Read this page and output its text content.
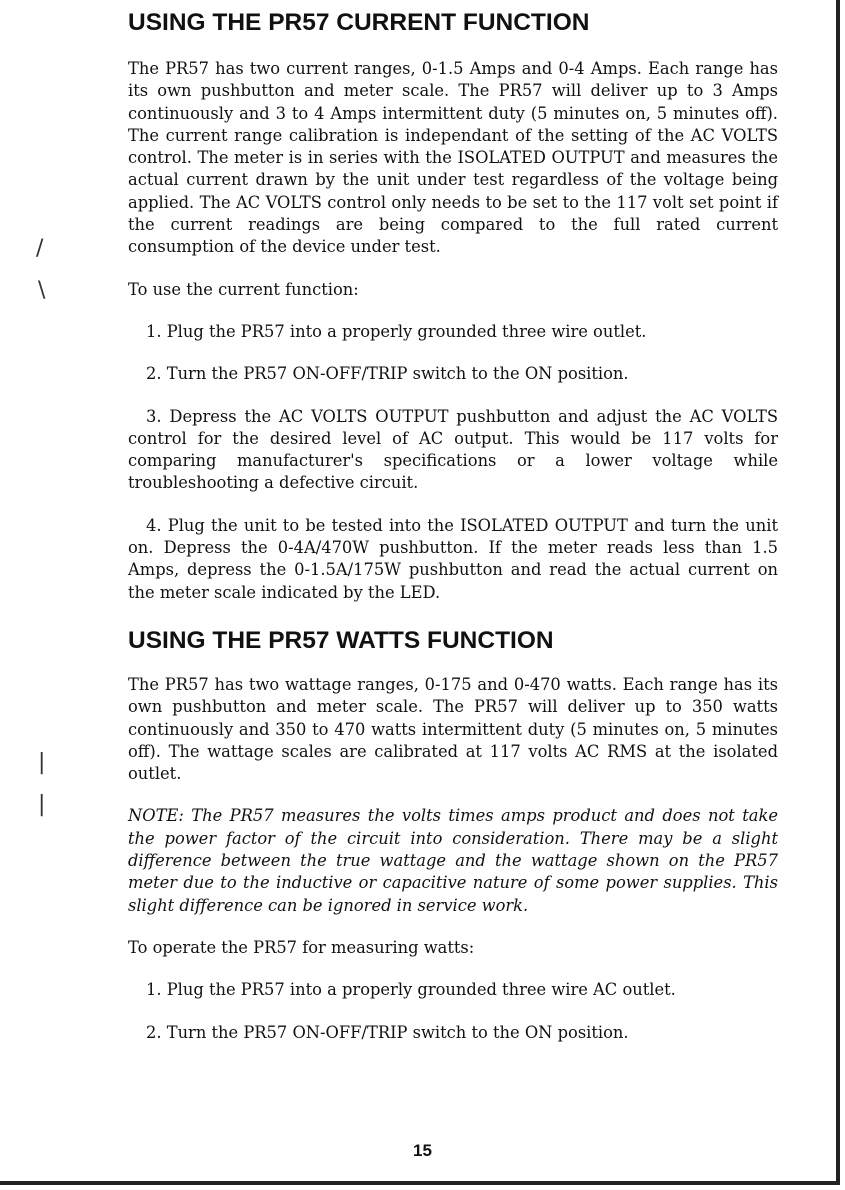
/
\
|
|
USING THE PR57 CURRENT FUNCTION

The PR57 has two current ranges, 0-1.5 Amps and 0-4 Amps. Each range has its own pushbutton and meter scale. The PR57 will deliver up to 3 Amps continuously and 3 to 4 Amps intermittent duty (5 minutes on, 5 minutes off). The current range calibration is independant of the setting of the AC VOLTS control. The meter is in series with the ISOLATED OUTPUT and measures the actual current drawn by the unit under test regardless of the voltage being applied. The AC VOLTS control only needs to be set to the 117 volt set point if the current readings are being compared to the full rated current consumption of the device under test.

To use the current function:

1. Plug the PR57 into a properly grounded three wire outlet.

2. Turn the PR57 ON-OFF/TRIP switch to the ON position.

3. Depress the AC VOLTS OUTPUT pushbutton and adjust the AC VOLTS control for the desired level of AC output. This would be 117 volts for comparing manufacturer's specifications or a lower voltage while troubleshooting a defective circuit.

4. Plug the unit to be tested into the ISOLATED OUTPUT and turn the unit on. Depress the 0-4A/470W pushbutton. If the meter reads less than 1.5 Amps, depress the 0-1.5A/175W pushbutton and read the actual current on the meter scale indicated by the LED.

USING THE PR57 WATTS FUNCTION

The PR57 has two wattage ranges, 0-175 and 0-470 watts. Each range has its own pushbutton and meter scale. The PR57 will deliver up to 350 watts continuously and 350 to 470 watts intermittent duty (5 minutes on, 5 minutes off). The wattage scales are calibrated at 117 volts AC RMS at the isolated outlet.

NOTE: The PR57 measures the volts times amps product and does not take the power factor of the circuit into consideration. There may be a slight difference between the true wattage and the wattage shown on the PR57 meter due to the inductive or capacitive nature of some power supplies. This slight difference can be ignored in service work.

To operate the PR57 for measuring watts:

1. Plug the PR57 into a properly grounded three wire AC outlet.

2. Turn the PR57 ON-OFF/TRIP switch to the ON position.

15
